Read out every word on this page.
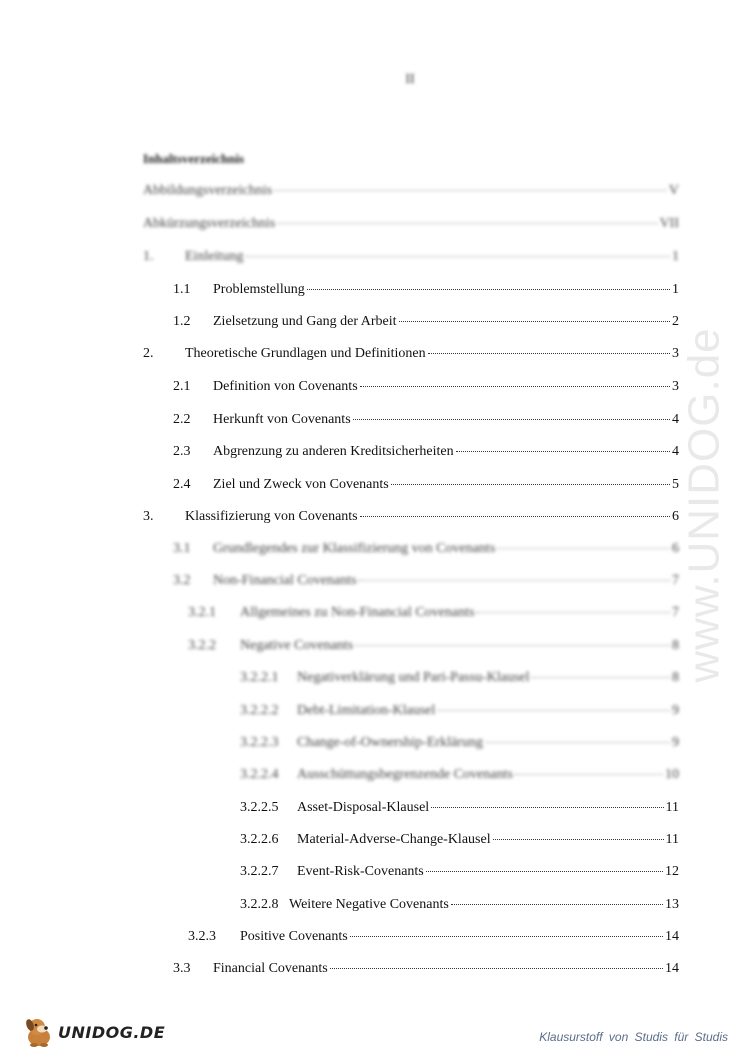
II
Inhaltsverzeichnis
Abbildungsverzeichnis	V
Abkürzungsverzeichnis	VII
1.	Einleitung	1
1.1	Problemstellung	1
1.2	Zielsetzung und Gang der Arbeit	2
2.	Theoretische Grundlagen und Definitionen	3
2.1	Definition von Covenants	3
2.2	Herkunft von Covenants	4
2.3	Abgrenzung zu anderen Kreditsicherheiten	4
2.4	Ziel und Zweck von Covenants	5
3.	Klassifizierung von Covenants	6
3.1	Grundlegendes zur Klassifizierung von Covenants	6
3.2	Non-Financial Covenants	7
3.2.1	Allgemeines zu Non-Financial Covenants	7
3.2.2	Negative Covenants	8
3.2.2.1	Negativerklärung und Pari-Passu-Klausel	8
3.2.2.2	Debt-Limitation-Klausel	9
3.2.2.3	Change-of-Ownership-Erklärung	9
3.2.2.4	Ausschüttungsbegrenzende Covenants	10
3.2.2.5	Asset-Disposal-Klausel	11
3.2.2.6	Material-Adverse-Change-Klausel	11
3.2.2.7	Event-Risk-Covenants	12
3.2.2.8 Weitere Negative Covenants	13
3.2.3	Positive Covenants	14
3.3	Financial Covenants	14
www.UNIDOG.de
UNIDOG.DE	Klausurstoff von Studis für Studis
